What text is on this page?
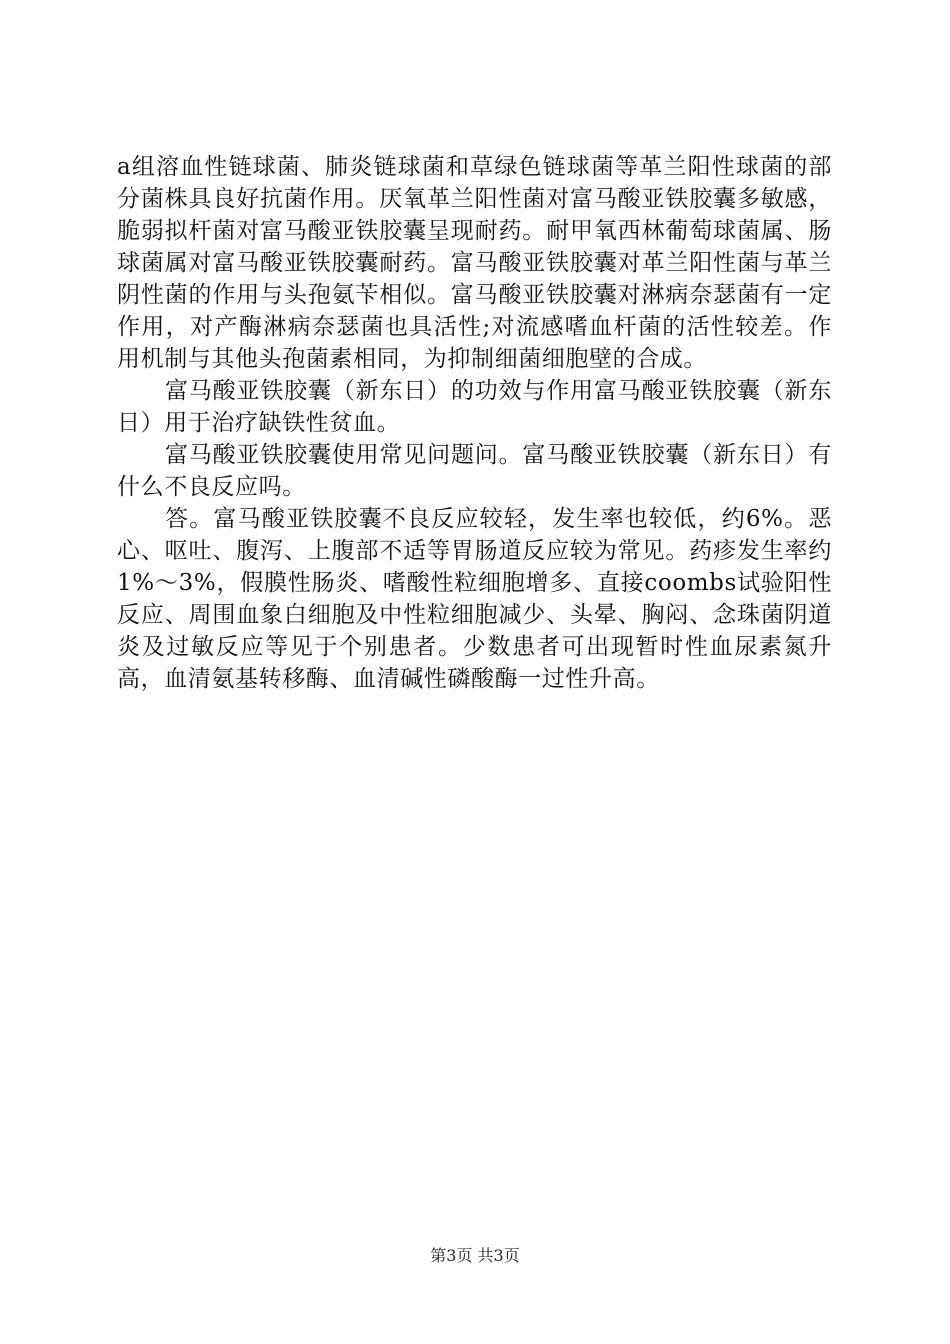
a组溶血性链球菌、肺炎链球菌和草绿色链球菌等革兰阳性球菌的部分菌株具良好抗菌作用。厌氧革兰阳性菌对富马酸亚铁胶囊多敏感，脆弱拟杆菌对富马酸亚铁胶囊呈现耐药。耐甲氧西林葡萄球菌属、肠球菌属对富马酸亚铁胶囊耐药。富马酸亚铁胶囊对革兰阳性菌与革兰阴性菌的作用与头孢氨苄相似。富马酸亚铁胶囊对淋病奈瑟菌有一定作用，对产酶淋病奈瑟菌也具活性;对流感嗜血杆菌的活性较差。作用机制与其他头孢菌素相同，为抑制细菌细胞壁的合成。

富马酸亚铁胶囊（新东日）的功效与作用富马酸亚铁胶囊（新东日）用于治疗缺铁性贫血。

富马酸亚铁胶囊使用常见问题问。富马酸亚铁胶囊（新东日）有什么不良反应吗。

答。富马酸亚铁胶囊不良反应较轻，发生率也较低，约6%。恶心、呕吐、腹泻、上腹部不适等胃肠道反应较为常见。药疹发生率约1%～3%，假膜性肠炎、嗜酸性粒细胞增多、直接coombs试验阳性反应、周围血象白细胞及中性粒细胞减少、头晕、胸闷、念珠菌阴道炎及过敏反应等见于个别患者。少数患者可出现暂时性血尿素氮升高，血清氨基转移酶、血清碱性磷酸酶一过性升高。

第3页 共3页
